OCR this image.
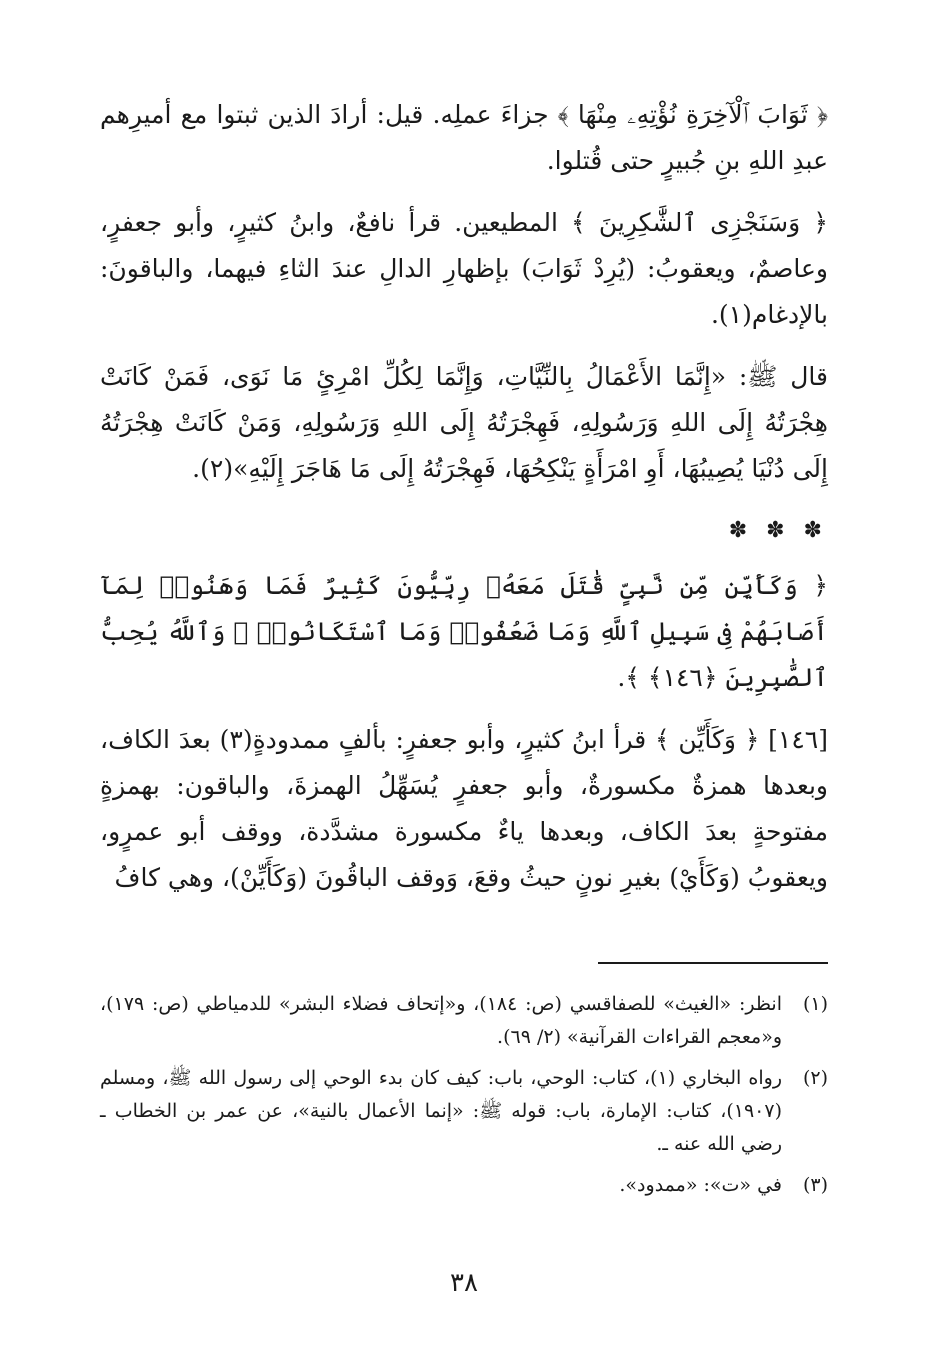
﴿ ثَوَابَ ٱلْآخِرَةِ نُؤْتِهِۦ مِنْهَا ﴾ جزاءَ عملِه. قيل: أرادَ الذين ثبتوا مع أميرِهم عبدِ اللهِ بنِ جُبيرٍ حتى قُتلوا.

﴿ وَسَنَجْزِى ٱلشَّٰكِرِينَ ﴾ المطيعين. قرأ نافعٌ، وابنُ كثيرٍ، وأبو جعفرٍ، وعاصمٌ، ويعقوبُ: (يُرِدْ ثَوَابَ) بإظهارِ الدالِ عندَ الثاءِ فيهما، والباقونَ: بالإدغام(١).

قال ﷺ: «إِنَّمَا الأَعْمَالُ بِالنِّيَّاتِ، وَإِنَّمَا لِكُلِّ امْرِئٍ مَا نَوَى، فَمَنْ كَانَتْ هِجْرَتُهُ إِلَى اللهِ وَرَسُولِهِ، فَهِجْرَتُهُ إِلَى اللهِ وَرَسُولِهِ، وَمَنْ كَانَتْ هِجْرَتُهُ إِلَى دُنْيَا يُصِيبُهَا، أَوِ امْرَأَةٍ يَنْكِحُهَا، فَهِجْرَتُهُ إِلَى مَا هَاجَرَ إِلَيْهِ»(٢).

✽ ✽ ✽

﴿ وَكَأَيِّن مِّن نَّبِىٍّ قَٰتَلَ مَعَهُۥ رِبِّيُّونَ كَثِيرٌ فَمَا وَهَنُوا۟ لِمَآ أَصَابَهُمْ فِى سَبِيلِ ٱللَّهِ وَمَا ضَعُفُوا۟ وَمَا ٱسْتَكَانُوا۟ ۗ وَٱللَّهُ يُحِبُّ ٱلصَّٰبِرِينَ ﴿١٤٦﴾ ﴾.

[١٤٦] ﴿ وَكَأَيِّن ﴾ قرأ ابنُ كثيرٍ، وأبو جعفرٍ: بألفٍ ممدودةٍ(٣) بعدَ الكاف، وبعدها همزةٌ مكسورةٌ، وأبو جعفرٍ يُسَهِّلُ الهمزةَ، والباقون: بهمزةٍ مفتوحةٍ بعدَ الكاف، وبعدها ياءٌ مكسورة مشدَّدة، ووقف أبو عمرٍو، ويعقوبُ (وَكَأَيْ) بغيرِ نونٍ حيثُ وقعَ، وَوقف الباقُونَ (وَكَأَيِّنْ)، وهي كافُ

(١)
انظر: «الغيث» للصفاقسي (ص: ١٨٤)، و«إتحاف فضلاء البشر» للدمياطي (ص: ١٧٩)، و«معجم القراءات القرآنية» (٢/ ٦٩).
(٢)
رواه البخاري (١)، كتاب: الوحي، باب: كيف كان بدء الوحي إلى رسول الله ﷺ، ومسلم (١٩٠٧)، كتاب: الإمارة، باب: قوله ﷺ: «إنما الأعمال بالنية»، عن عمر بن الخطاب ـ رضي الله عنه ـ.
(٣)
في «ت»: «ممدود».
٣٨
